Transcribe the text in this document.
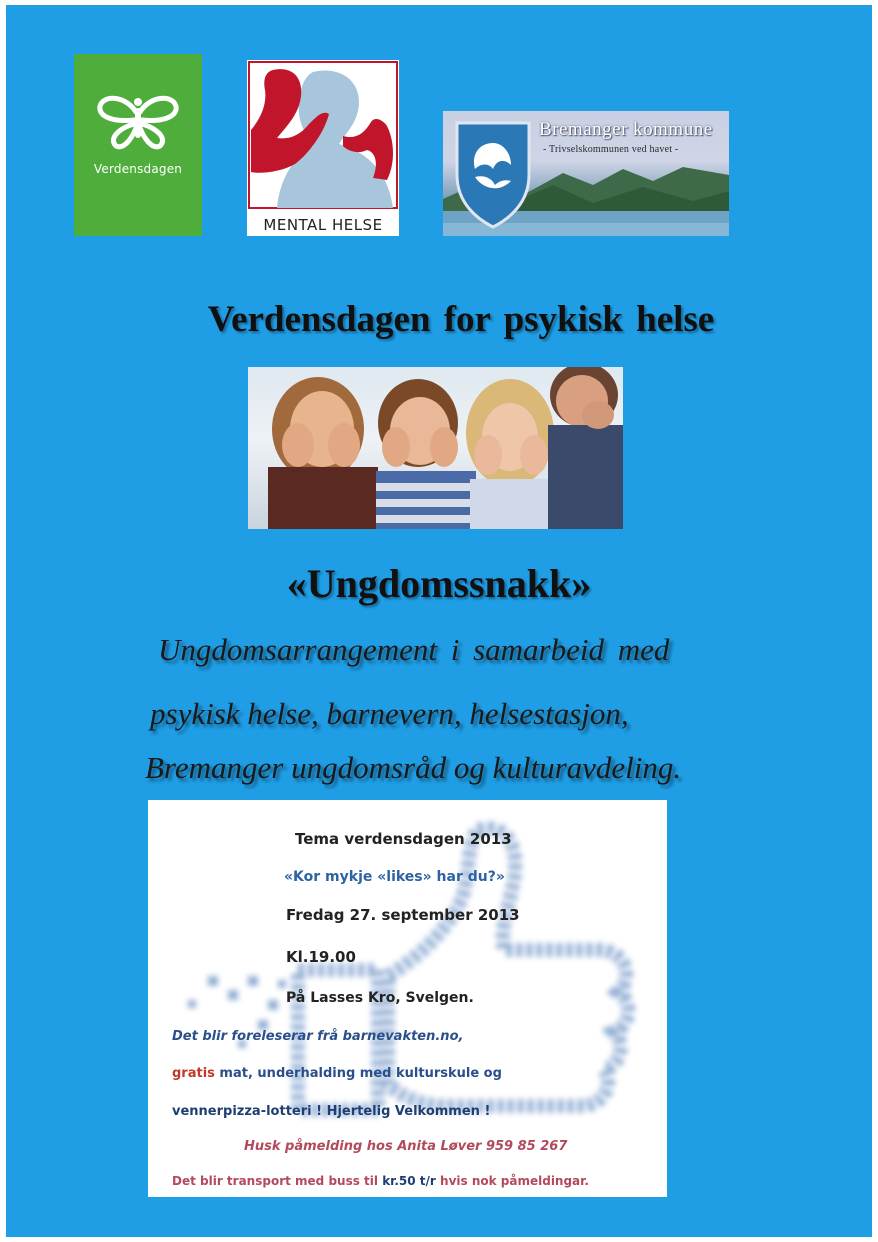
Verdensdagen
MENTAL HELSE
Bremanger kommune
- Trivselskommunen ved havet -
Verdensdagen for psykisk helse
«Ungdomssnakk»
Ungdomsarrangement i samarbeid med
psykisk helse, barnevern, helsestasjon,
Bremanger ungdomsråd og kulturavdeling.
Tema verdensdagen 2013
«Kor mykje «likes» har du?»
Fredag 27. september 2013
Kl.19.00
På Lasses Kro, Svelgen.
Det blir foreleserar frå barnevakten.no,
gratis mat, underhalding med kulturskule og
vennerpizza-lotteri ! Hjertelig Velkommen !
Husk påmelding hos Anita Løver 959 85 267
Det blir transport med buss til kr.50 t/r hvis nok påmeldingar.
